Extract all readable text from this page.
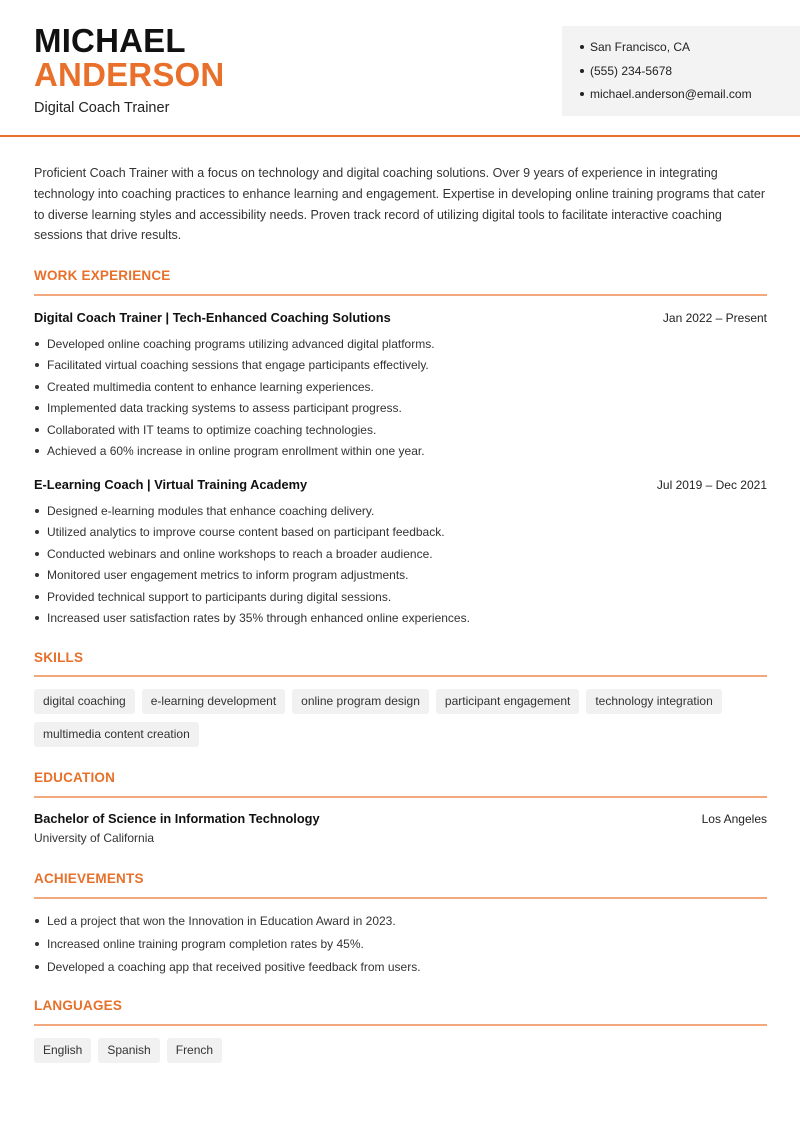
MICHAEL
ANDERSON
Digital Coach Trainer
San Francisco, CA
(555) 234-5678
michael.anderson@email.com

Proficient Coach Trainer with a focus on technology and digital coaching solutions. Over 9 years of experience in integrating technology into coaching practices to enhance learning and engagement. Expertise in developing online training programs that cater to diverse learning styles and accessibility needs. Proven track record of utilizing digital tools to facilitate interactive coaching sessions that drive results.

WORK EXPERIENCE
Digital Coach Trainer | Tech-Enhanced Coaching Solutions	Jan 2022 – Present
Developed online coaching programs utilizing advanced digital platforms.
Facilitated virtual coaching sessions that engage participants effectively.
Created multimedia content to enhance learning experiences.
Implemented data tracking systems to assess participant progress.
Collaborated with IT teams to optimize coaching technologies.
Achieved a 60% increase in online program enrollment within one year.
E-Learning Coach | Virtual Training Academy	Jul 2019 – Dec 2021
Designed e-learning modules that enhance coaching delivery.
Utilized analytics to improve course content based on participant feedback.
Conducted webinars and online workshops to reach a broader audience.
Monitored user engagement metrics to inform program adjustments.
Provided technical support to participants during digital sessions.
Increased user satisfaction rates by 35% through enhanced online experiences.
SKILLS
digital coaching	e-learning development	online program design	participant engagement	technology integration
multimedia content creation
EDUCATION
Bachelor of Science in Information Technology	Los Angeles
University of California
ACHIEVEMENTS
Led a project that won the Innovation in Education Award in 2023.
Increased online training program completion rates by 45%.
Developed a coaching app that received positive feedback from users.
LANGUAGES
English	Spanish	French
